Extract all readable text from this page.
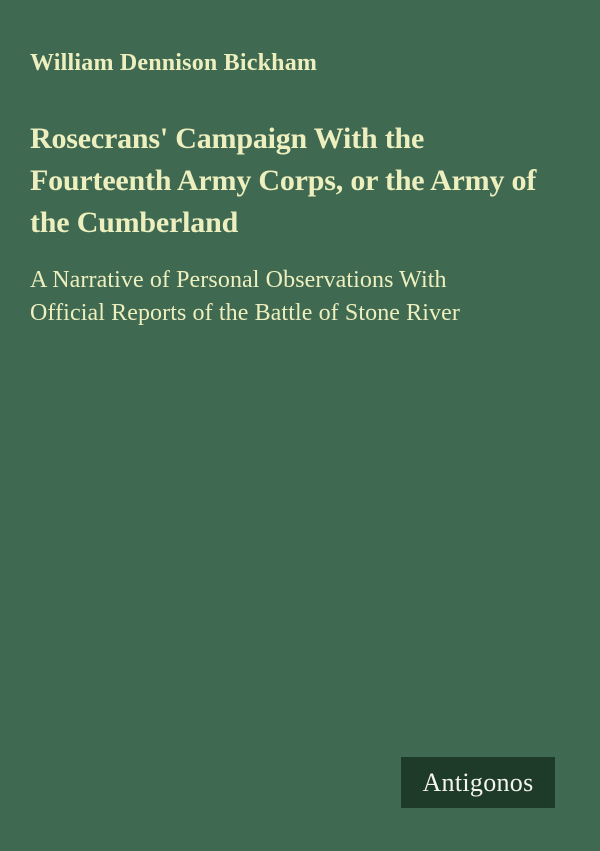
William Dennison Bickham
Rosecrans' Campaign With the
Fourteenth Army Corps, or the Army of
the Cumberland
A Narrative of Personal Observations With
Official Reports of the Battle of Stone River
Antigonos
